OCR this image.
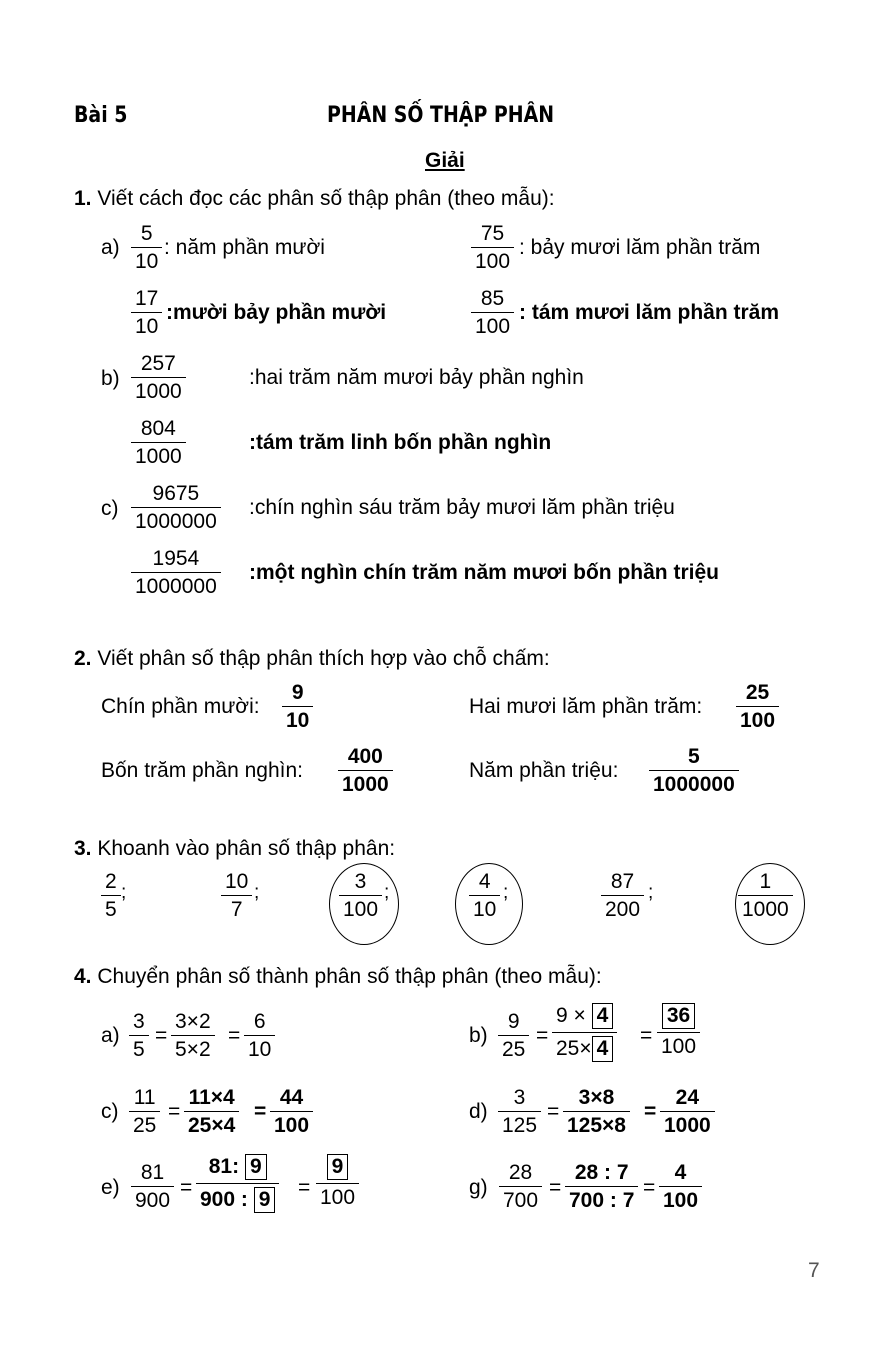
Bài 5	PHÂN SỐ THẬP PHÂN
Giải
1. Viết cách đọc các phân số thập phân (theo mẫu):
$a) \frac{5}{10}$ : năm phần mười	$\frac{75}{100}$ : bảy mươi lăm phần trăm
$\frac{17}{10}$ :mười bảy phần mười	$\frac{85}{100}$ : tám mươi lăm phần trăm
$b) \frac{257}{1000}$	:hai trăm năm mươi bảy phần nghìn
$\frac{804}{1000}$	:tám trăm linh bốn phần nghìn
$c) \frac{9675}{1000000}$ :chín nghìn sáu trăm bảy mươi lăm phần triệu
$\frac{1954}{1000000}$ :một nghìn chín trăm năm mươi bốn phần triệu
2. Viết phân số thập phân thích hợp vào chỗ chấm:
Chín phần mười: $\frac{9}{10}$	Hai mươi lăm phần trăm: $\frac{25}{100}$
Bốn trăm phần nghìn: $\frac{400}{1000}$	Năm phần triệu: $\frac{5}{1000000}$
3. Khoanh vào phân số thập phân:
$\frac{2}{5}$ ;	$\frac{10}{7}$ ;	$\frac{3}{100}$ ;	$\frac{4}{10}$ ;	$\frac{87}{200}$ ;	$\frac{1}{1000}$
4. Chuyển phân số thành phân số thập phân (theo mẫu):
$a) \frac{3}{5} = \frac{3\times 2}{5\times 2} = \frac{6}{10}$	$b) \frac{9}{25} = \frac{9 \times 4}{25\times 4} = \frac{36}{100}$
$c) \frac{11}{25} = \frac{11\times 4}{25\times 4} = \frac{44}{100}$	$d) \frac{3}{125} = \frac{3\times 8}{125\times 8} = \frac{24}{1000}$
$e) \frac{81}{900} = \frac{81: 9}{900 : 9} = \frac{9}{100}$	$g) \frac{28}{700} = \frac{28 : 7}{700 : 7} = \frac{4}{100}$
7
